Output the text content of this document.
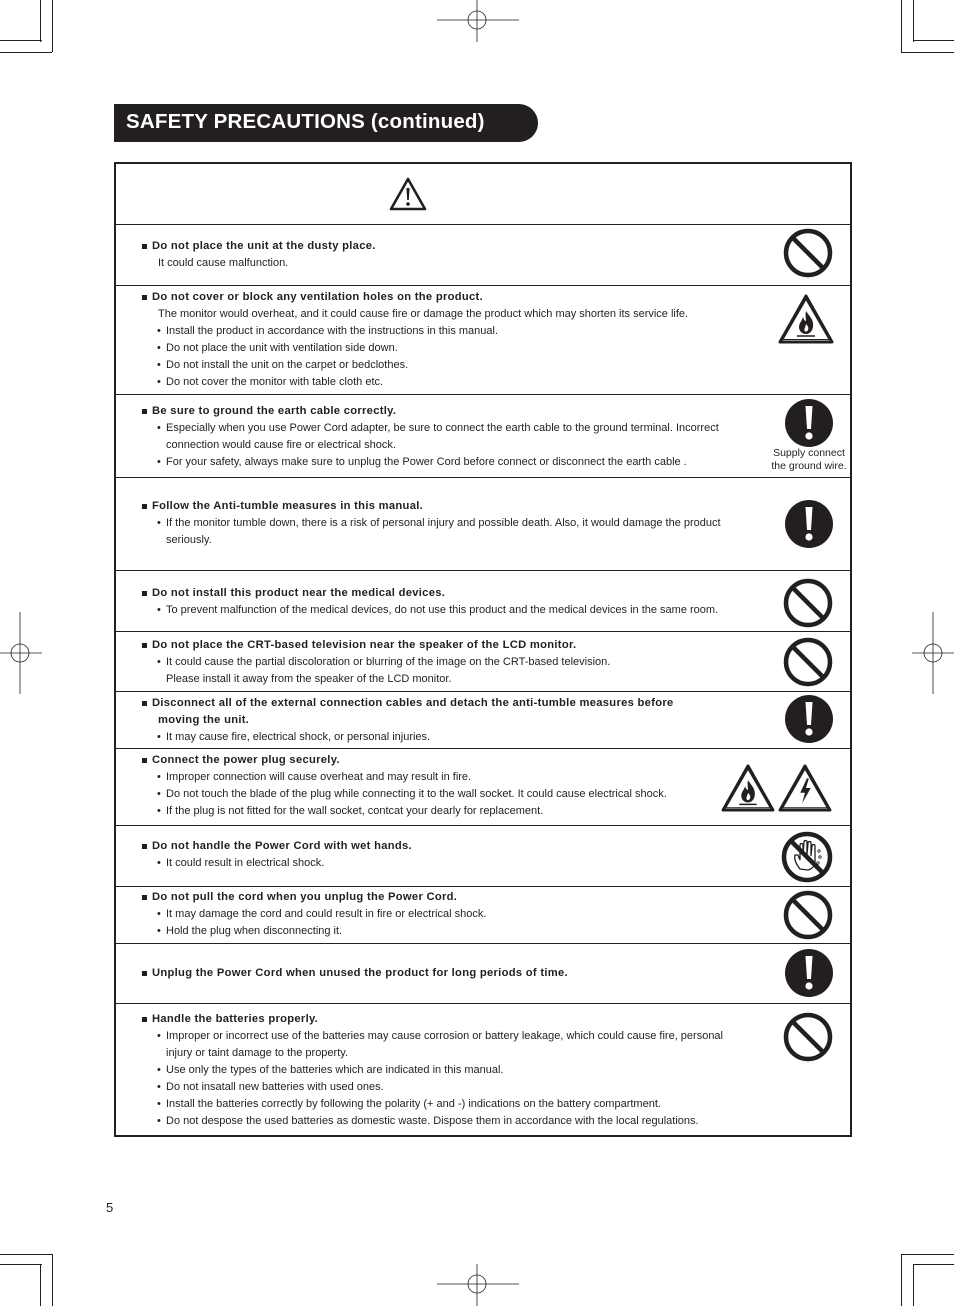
SAFETY PRECAUTIONS (continued)
Do not place the unit at the dusty place.
It could cause malfunction.
Do not cover or block any ventilation holes on the product.
The monitor would overheat, and it could cause fire or damage the product which may shorten its service life.
• Install the product in accordance with the instructions in this manual.
• Do not place the unit with ventilation side down.
• Do not install the unit on the carpet or bedclothes.
• Do not cover the monitor with table cloth etc.
Be sure to ground the earth cable correctly.
• Especially when you use Power Cord adapter, be sure to connect the earth cable to the ground terminal. Incorrect
connection would cause fire or electrical shock.
• For your safety, always make sure to unplug the Power Cord before connect or disconnect the earth cable .
Supply connect
the ground wire.
Follow the Anti-tumble measures in this manual.
• If the monitor tumble down, there is a risk of personal injury and possible death. Also, it would damage the product
seriously.
Do not install this product near the medical devices.
• To prevent malfunction of the medical devices, do not use this product and the medical devices in the same room.
Do not place the CRT-based television near the speaker of the LCD monitor.
• It could cause the partial discoloration or blurring of the image on the CRT-based television.
Please install it away from the speaker of the LCD monitor.
Disconnect all of the external connection cables and detach the anti-tumble measures before
moving the unit.
• It may cause fire, electrical shock, or personal injuries.
Connect the power plug securely.
• Improper connection will cause overheat and may result in fire.
• Do not touch the blade of the plug while connecting it to the wall socket. It could cause electrical shock.
• If the plug is not fitted for the wall socket, contcat your dearly for replacement.
Do not handle the Power Cord with wet hands.
• It could result in electrical shock.
Do not pull the cord when you unplug the Power Cord.
• It may damage the cord and could result in fire or electrical shock.
• Hold the plug when disconnecting it.
Unplug the Power Cord when unused the product for long periods of time.
Handle the batteries properly.
• Improper or incorrect use of the batteries may cause corrosion or battery leakage, which could cause fire, personal
injury or taint damage to the property.
• Use only the types of the batteries which are indicated in this manual.
• Do not insatall new batteries with used ones.
• Install the batteries correctly by following the polarity (+ and -) indications on the battery compartment.
• Do not despose the used batteries as domestic waste. Dispose them in accordance with the local regulations.
5
